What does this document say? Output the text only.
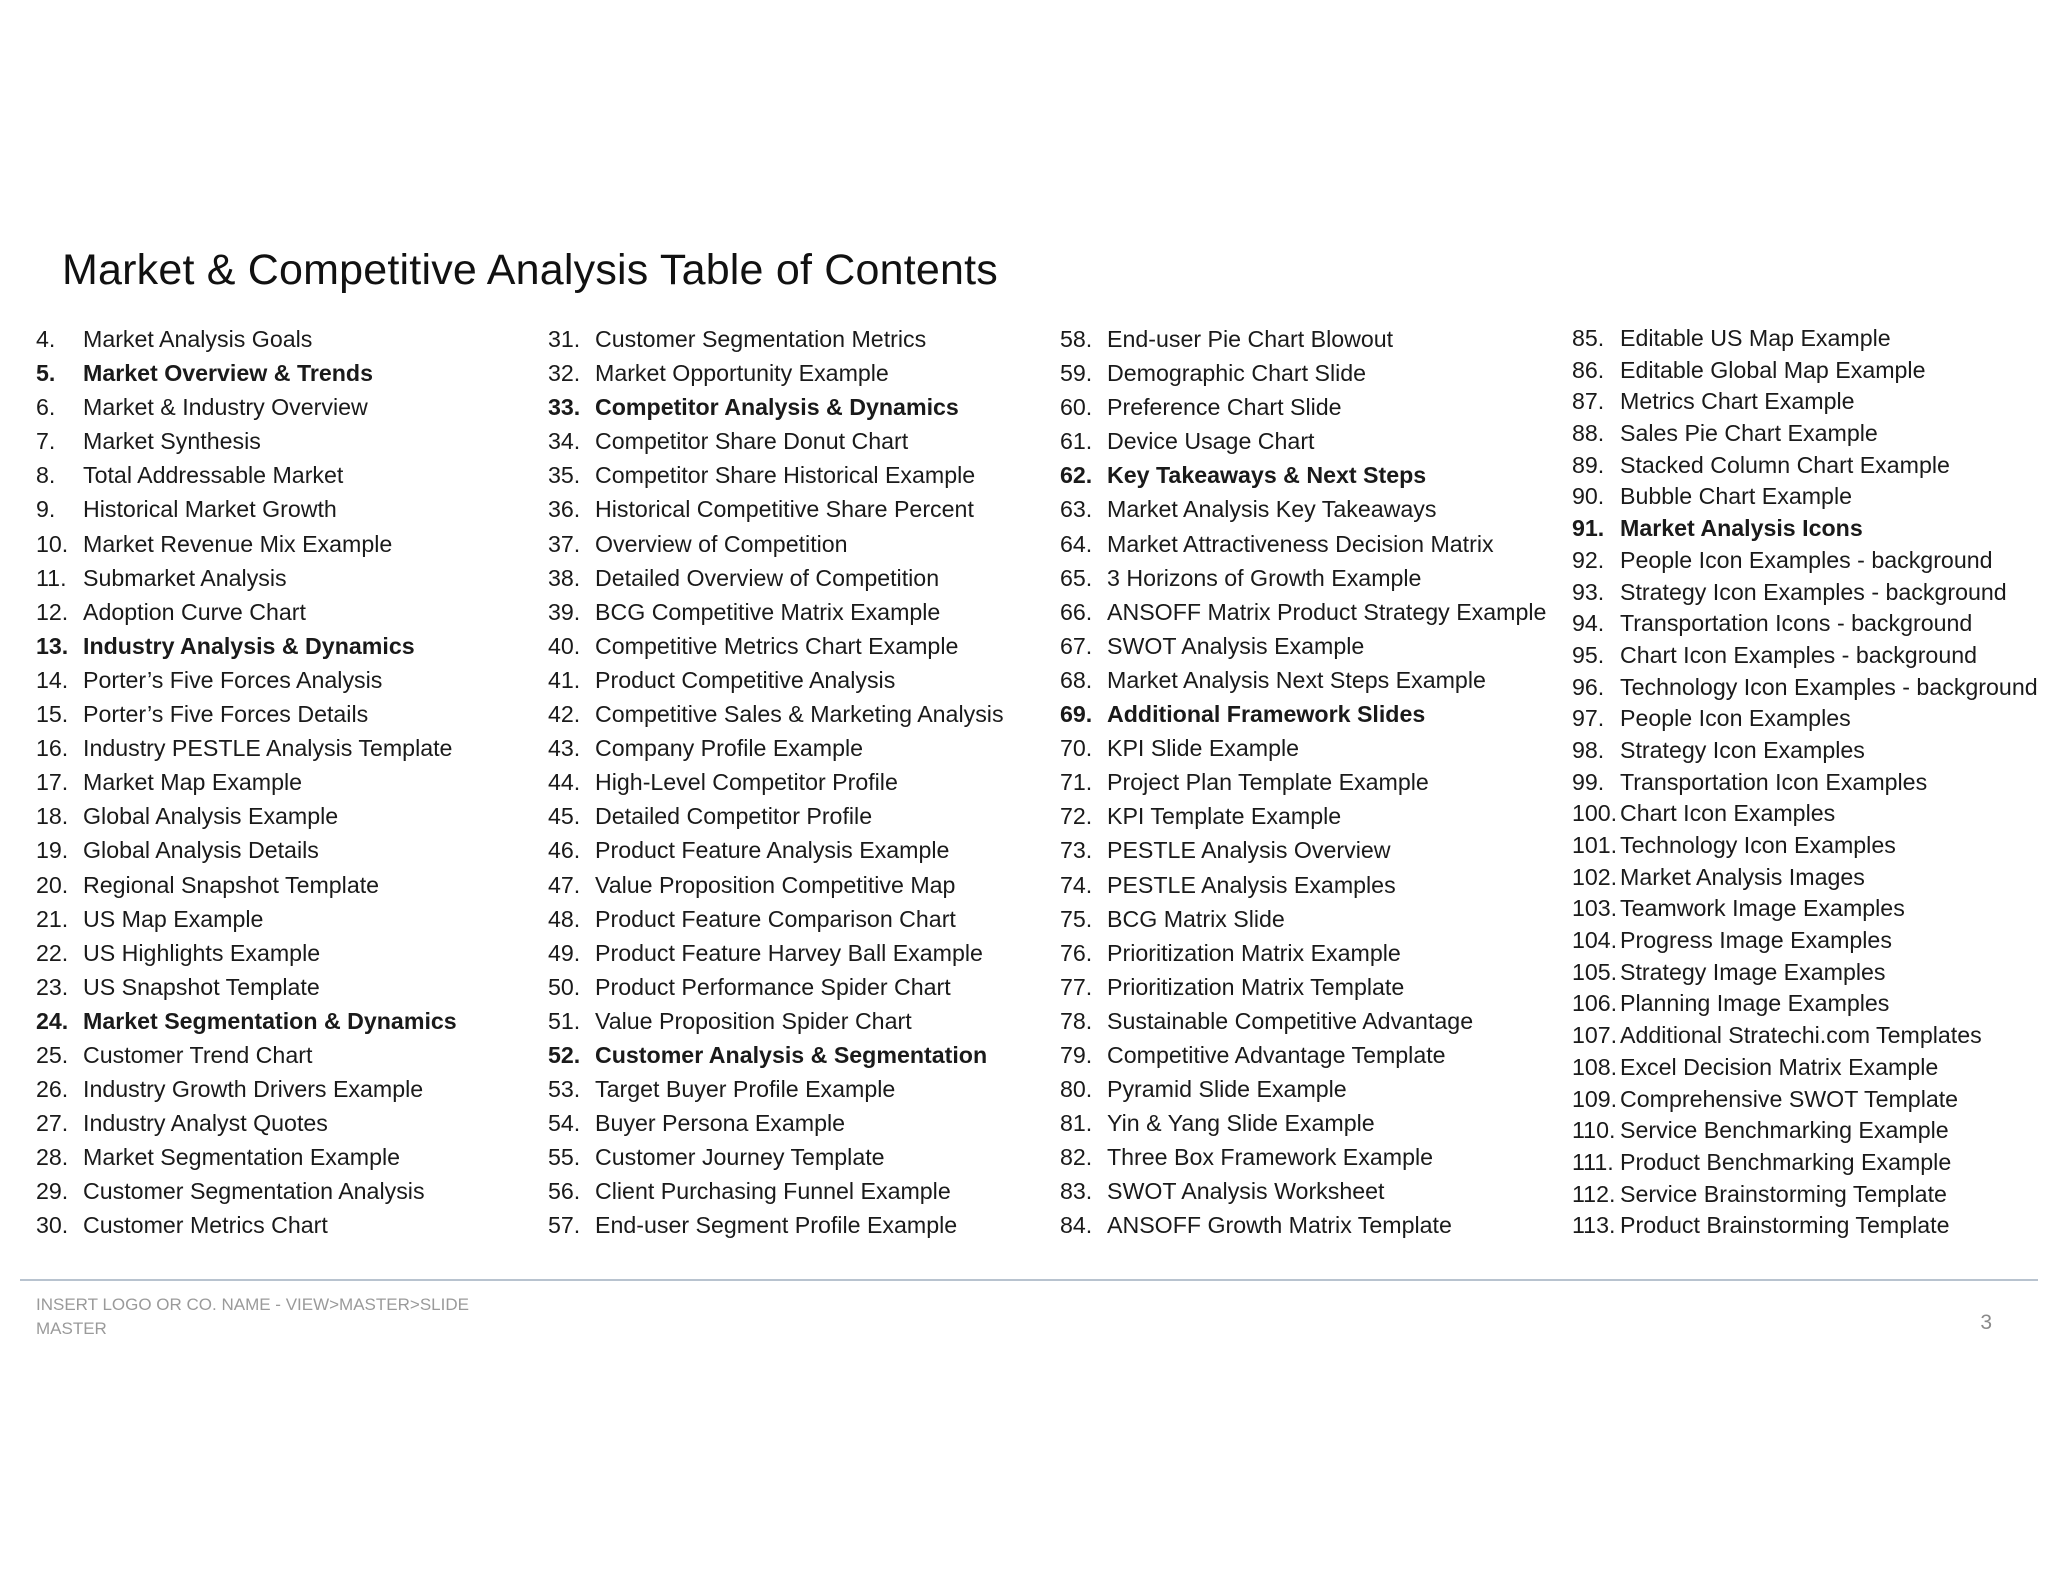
Market & Competitive Analysis Table of Contents
4.	Market Analysis Goals
5.	Market Overview & Trends
6.	Market & Industry Overview
7.	Market Synthesis
8.	Total Addressable Market
9.	Historical Market Growth
10. Market Revenue Mix Example
11. Submarket Analysis
12. Adoption Curve Chart
13. Industry Analysis & Dynamics
14. Porter’s Five Forces Analysis
15. Porter’s Five Forces Details
16. Industry PESTLE Analysis Template
17. Market Map Example
18. Global Analysis Example
19. Global Analysis Details
20. Regional Snapshot Template
21. US Map Example
22. US Highlights Example
23. US Snapshot Template
24. Market Segmentation & Dynamics
25. Customer Trend Chart
26. Industry Growth Drivers Example
27. Industry Analyst Quotes
28. Market Segmentation Example
29. Customer Segmentation Analysis
30. Customer Metrics Chart
31. Customer Segmentation Metrics
32. Market Opportunity Example
33. Competitor Analysis & Dynamics
34. Competitor Share Donut Chart
35. Competitor Share Historical Example
36. Historical Competitive Share Percent
37. Overview of Competition
38. Detailed Overview of Competition
39. BCG Competitive Matrix Example
40. Competitive Metrics Chart Example
41. Product Competitive Analysis
42. Competitive Sales & Marketing Analysis
43. Company Profile Example
44. High-Level Competitor Profile
45. Detailed Competitor Profile
46. Product Feature Analysis Example
47. Value Proposition Competitive Map
48. Product Feature Comparison Chart
49. Product Feature Harvey Ball Example
50. Product Performance Spider Chart
51. Value Proposition Spider Chart
52. Customer Analysis & Segmentation
53. Target Buyer Profile Example
54. Buyer Persona Example
55. Customer Journey Template
56. Client Purchasing Funnel Example
57. End-user Segment Profile Example
58. End-user Pie Chart Blowout
59. Demographic Chart Slide
60. Preference Chart Slide
61. Device Usage Chart
62. Key Takeaways & Next Steps
63. Market Analysis Key Takeaways
64. Market Attractiveness Decision Matrix
65. 3 Horizons of Growth Example
66. ANSOFF Matrix Product Strategy Example
67. SWOT Analysis Example
68. Market Analysis Next Steps Example
69. Additional Framework Slides
70. KPI Slide Example
71. Project Plan Template Example
72. KPI Template Example
73. PESTLE Analysis Overview
74. PESTLE Analysis Examples
75. BCG Matrix Slide
76. Prioritization Matrix Example
77. Prioritization Matrix Template
78. Sustainable Competitive Advantage
79. Competitive Advantage Template
80. Pyramid Slide Example
81. Yin & Yang Slide Example
82. Three Box Framework Example
83. SWOT Analysis Worksheet
84. ANSOFF Growth Matrix Template
85. Editable US Map Example
86. Editable Global Map Example
87. Metrics Chart Example
88. Sales Pie Chart Example
89. Stacked Column Chart Example
90. Bubble Chart Example
91. Market Analysis Icons
92. People Icon Examples - background
93. Strategy Icon Examples - background
94. Transportation Icons - background
95. Chart Icon Examples - background
96. Technology Icon Examples - background
97. People Icon Examples
98. Strategy Icon Examples
99. Transportation Icon Examples
100. Chart Icon Examples
101. Technology Icon Examples
102. Market Analysis Images
103. Teamwork Image Examples
104. Progress Image Examples
105. Strategy Image Examples
106. Planning Image Examples
107. Additional Stratechi.com Templates
108. Excel Decision Matrix Example
109. Comprehensive SWOT Template
110. Service Benchmarking Example
111. Product Benchmarking Example
112. Service Brainstorming Template
113. Product Brainstorming Template
INSERT LOGO OR CO. NAME - VIEW>MASTER>SLIDE MASTER	3
